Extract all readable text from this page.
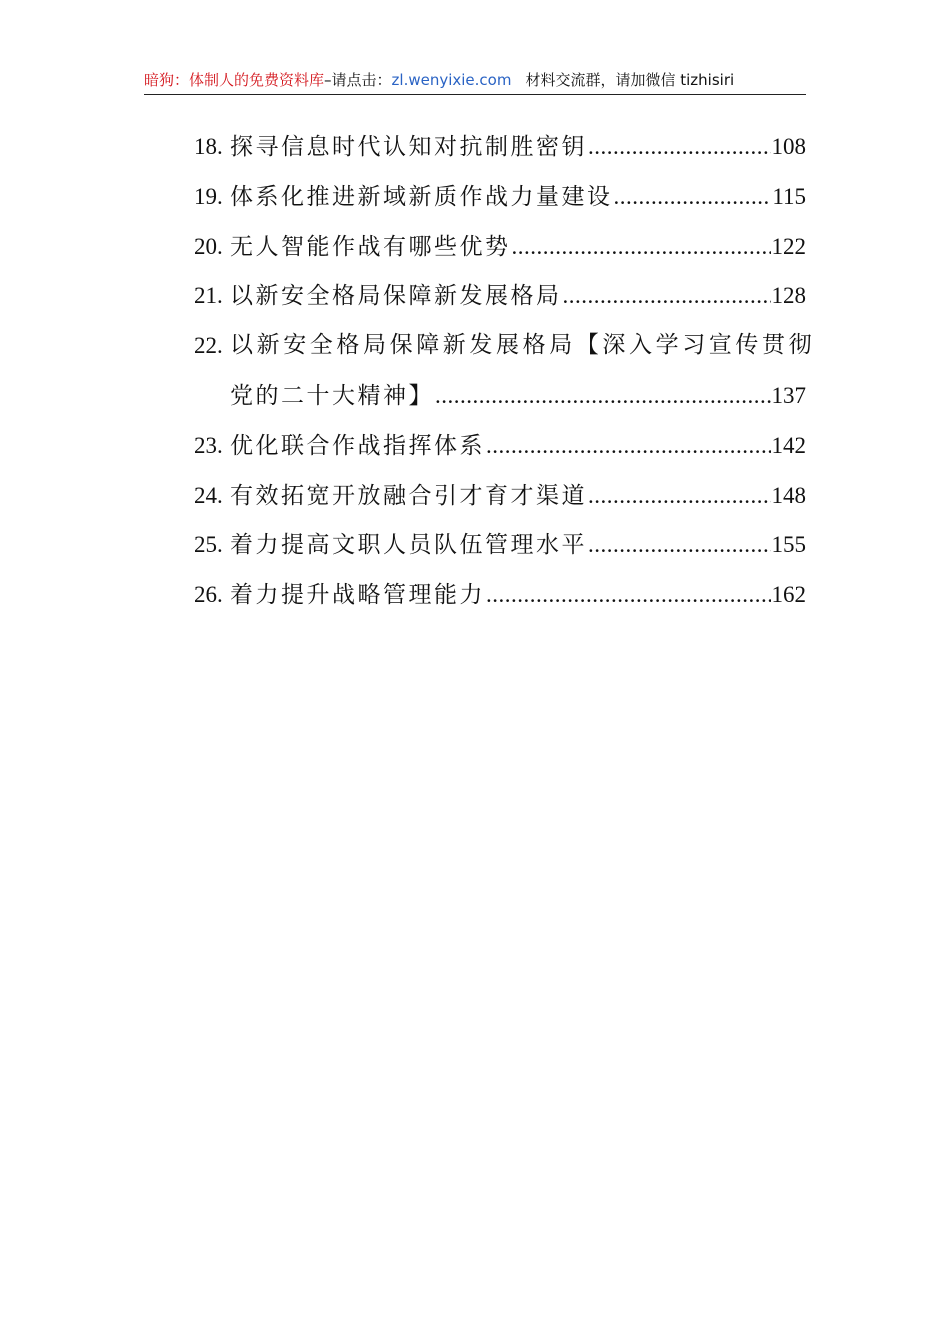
暗狗：体制人的免费资料库–请点击：zl.wenyixie.com 材料交流群，请加微信 tizhisiri
18. 探寻信息时代认知对抗制胜密钥 .....	108
19. 体系化推进新域新质作战力量建设 .....	115
20. 无人智能作战有哪些优势 .....	122
21. 以新安全格局保障新发展格局 .....	128
22. 以新安全格局保障新发展格局【深入学习宣传贯彻
党的二十大精神】 .....	137
23. 优化联合作战指挥体系 .....	142
24. 有效拓宽开放融合引才育才渠道 .....	148
25. 着力提高文职人员队伍管理水平 .....	155
26. 着力提升战略管理能力 .....	162
